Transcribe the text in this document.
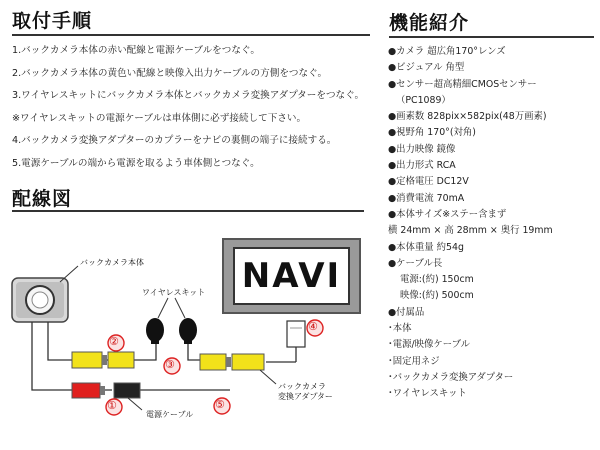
取付手順	機能紹介
配線図
1.バックカメラ本体の赤い配線と電源ケーブルをつなぐ。
2.バックカメラ本体の黄色い配線と映像入出力ケーブルの方側をつなぐ。
3.ワイヤレスキットにバックカメラ本体とバックカメラ変換アダプターをつなぐ。
※ワイヤレスキットの電源ケーブルは車体側に必ず接続して下さい。
4.バックカメラ変換アダプターのカプラーをナビの裏側の端子に接続する。
5.電源ケーブルの端から電源を取るよう車体側とつなぐ。
●カメラ 超広角170°レンズ
●ビジュアル 角型
●センサー超高精細CMOSセンサー
（PC1089）
●画素数 828pix×582pix(48万画素)
●視野角 170°(対角)
●出力映像 鏡像
●出力形式 RCA
●定格電圧 DC12V
●消費電流 70mA
●本体サイズ※ステー含まず
横 24mm × 高 28mm × 奥行 19mm
●本体重量 約54g
●ケーブル長
電源:(約) 150cm
映像:(約) 500cm
●付属品
･本体
･電源/映像ケーブル
･固定用ネジ
･バックカメラ変換アダプター
･ワイヤレスキット
①
②
③
④
⑤
バックカメラ本体
ワイヤレスキット
バックカメラ
変換アダプター
電源ケーブル
NAVI
